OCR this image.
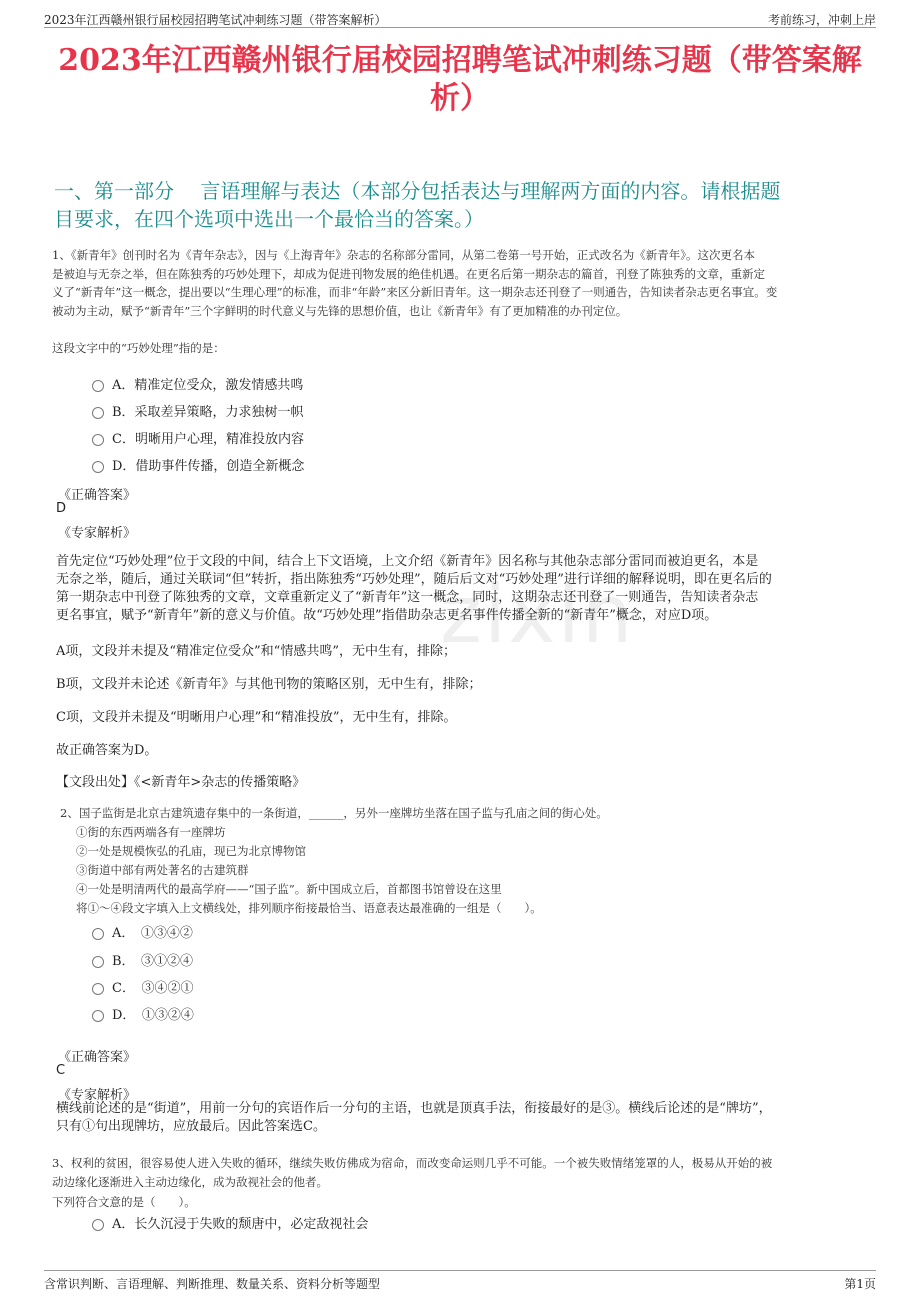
2023年江西赣州银行届校园招聘笔试冲刺练习题（带答案解析）	考前练习，冲刺上岸
2023年江西赣州银行届校园招聘笔试冲刺练习题（带答案解析）
一、第一部分　 言语理解与表达（本部分包括表达与理解两方面的内容。请根据题
目要求，在四个选项中选出一个最恰当的答案。）
zixin
1、《新青年》创刊时名为《青年杂志》，因与《上海青年》杂志的名称部分雷同，从第二卷第一号开始，正式改名为《新青年》。这次更名本
是被迫与无奈之举，但在陈独秀的巧妙处理下，却成为促进刊物发展的绝佳机遇。在更名后第一期杂志的篇首，刊登了陈独秀的文章，重新定
义了“新青年”这一概念，提出要以“生理心理”的标准，而非“年龄”来区分新旧青年。这一期杂志还刊登了一则通告，告知读者杂志更名事宜。变
被动为主动，赋予“新青年”三个字鲜明的时代意义与先锋的思想价值，也让《新青年》有了更加精准的办刊定位。
这段文字中的“巧妙处理”指的是：
A．精准定位受众，激发情感共鸣
B．采取差异策略，力求独树一帜
C．明晰用户心理，精准投放内容
D．借助事件传播，创造全新概念
《正确答案》
D
《专家解析》
首先定位“巧妙处理”位于文段的中间，结合上下文语境，上文介绍《新青年》因名称与其他杂志部分雷同而被迫更名，本是
无奈之举，随后，通过关联词“但”转折，指出陈独秀“巧妙处理”，随后后文对“巧妙处理”进行详细的解释说明，即在更名后的
第一期杂志中刊登了陈独秀的文章，文章重新定义了“新青年”这一概念，同时，这期杂志还刊登了一则通告，告知读者杂志
更名事宜，赋予“新青年”新的意义与价值。故“巧妙处理”指借助杂志更名事件传播全新的“新青年”概念，对应D项。
A项，文段并未提及“精准定位受众”和“情感共鸣”，无中生有，排除；
B项，文段并未论述《新青年》与其他刊物的策略区别，无中生有，排除；
C项，文段并未提及“明晰用户心理”和“精准投放”，无中生有，排除。
故正确答案为D。
【文段出处】《<新青年>杂志的传播策略》
2、国子监街是北京古建筑遗存集中的一条街道，______，另外一座牌坊坐落在国子监与孔庙之间的街心处。
①街的东西两端各有一座牌坊
②一处是规模恢弘的孔庙，现已为北京博物馆
③街道中部有两处著名的古建筑群
④一处是明清两代的最高学府——“国子监”。新中国成立后，首都图书馆曾设在这里
将①～④段文字填入上文横线处，排列顺序衔接最恰当、语意表达最准确的一组是（　　）。
A．　①③④②
B．　③①②④
C．　③④②①
D．　①③②④
《正确答案》
C
《专家解析》
横线前论述的是“街道”，用前一分句的宾语作后一分句的主语，也就是顶真手法，衔接最好的是③。横线后论述的是“牌坊”，
只有①句出现牌坊，应放最后。因此答案选C。
3、权利的贫困，很容易使人进入失败的循环，继续失败仿佛成为宿命，而改变命运则几乎不可能。一个被失败情绪笼罩的人，极易从开始的被
动边缘化逐渐进入主动边缘化，成为敌视社会的他者。
下列符合文意的是（　　）。
A．长久沉浸于失败的颓唐中，必定敌视社会
含常识判断、言语理解、判断推理、数量关系、资料分析等题型	第1页
